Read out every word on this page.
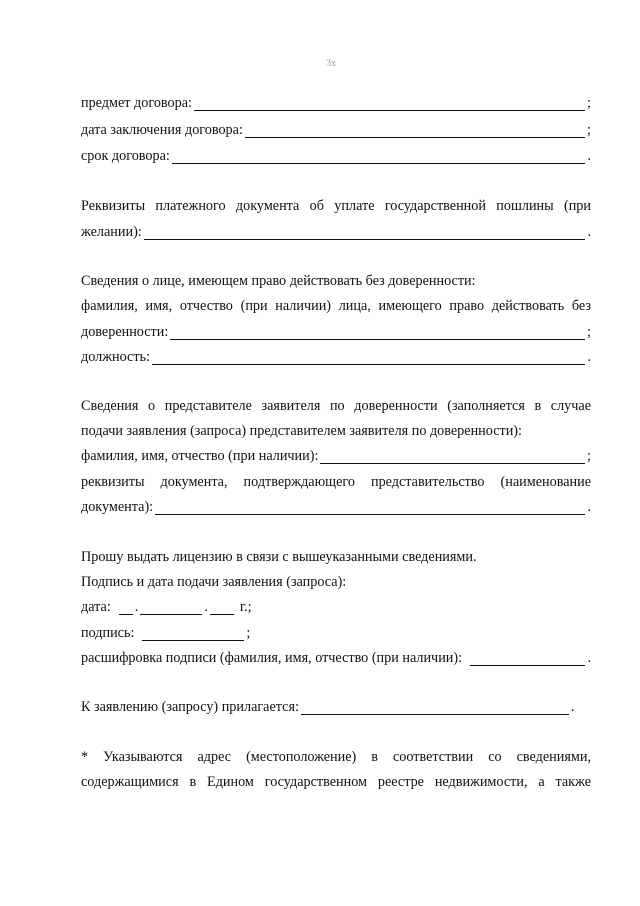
3х
предмет договора:	;
дата заключения договора:	;
срок договора:	.
Реквизиты платежного документа об уплате государственной пошлины (при
желании):	.
Сведения о лице, имеющем право действовать без доверенности:
фамилия, имя, отчество (при наличии) лица, имеющего право действовать без
доверенности:	;
должность:	.
Сведения о представителе заявителя по доверенности (заполняется в случае
подачи заявления (запроса) представителем заявителя по доверенности):
фамилия, имя, отчество (при наличии):	;
реквизиты документа, подтверждающего представительство (наименование
документа):	.
Прошу выдать лицензию в связи с вышеуказанными сведениями.
Подпись и дата подачи заявления (запроса):
дата: .	. г.;
подпись:	;
расшифровка подписи (фамилия, имя, отчество (при наличии):	.
К заявлению (запросу) прилагается:	.
* Указываются адрес (местоположение) в соответствии со сведениями,
содержащимися в Едином государственном реестре недвижимости, а также
